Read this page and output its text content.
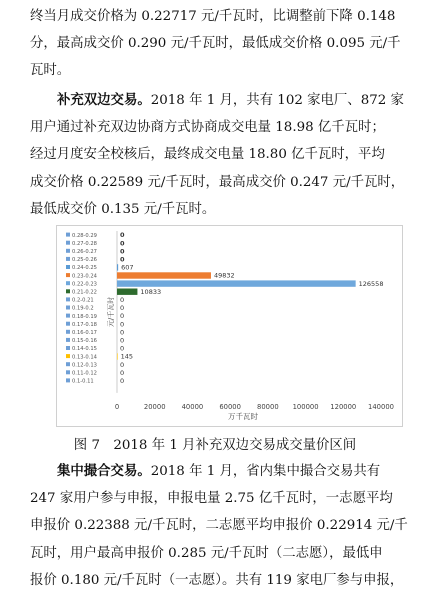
终当月成交价格为 0.22717 元/千瓦时，比调整前下降 0.148
分，最高成交价 0.290 元/千瓦时，最低成交价格 0.095 元/千
瓦时。

补充双边交易。2018 年 1 月，共有 102 家电厂、872 家
用户通过补充双边协商方式协商成交电量 18.98 亿千瓦时；
经过月度安全校核后，最终成交电量 18.80 亿千瓦时，平均
成交价格 0.22589 元/千瓦时，最高成交价 0.247 元/千瓦时，
最低成交价 0.135 元/千瓦时。

0.28-0.29
0.27-0.28
0.26-0.27
0.25-0.26
0.24-0.25
0.23-0.24
0.22-0.23
0.21-0.22
0.2-0.21
0.19-0.2
0.18-0.19
0.17-0.18
0.16-0.17
0.15-0.16
0.14-0.15
0.13-0.14
0.12-0.13
0.11-0.12
0.1-0.11
元/千瓦时
0
0
0
0
607
49832
126558
10833
0
0
0
0
0
0
0
145
0
0
0
0	20000 40000 60000 80000 100000 120000 140000
万千瓦时
图 7　2018 年 1 月补充双边交易成交量价区间

集中撮合交易。2018 年 1 月，省内集中撮合交易共有
247 家用户参与申报，申报电量 2.75 亿千瓦时，一志愿平均
申报价 0.22388 元/千瓦时，二志愿平均申报价 0.22914 元/千
瓦时，用户最高申报价 0.285 元/千瓦时（二志愿），最低申
报价 0.180 元/千瓦时（一志愿）。共有 119 家电厂参与申报，
